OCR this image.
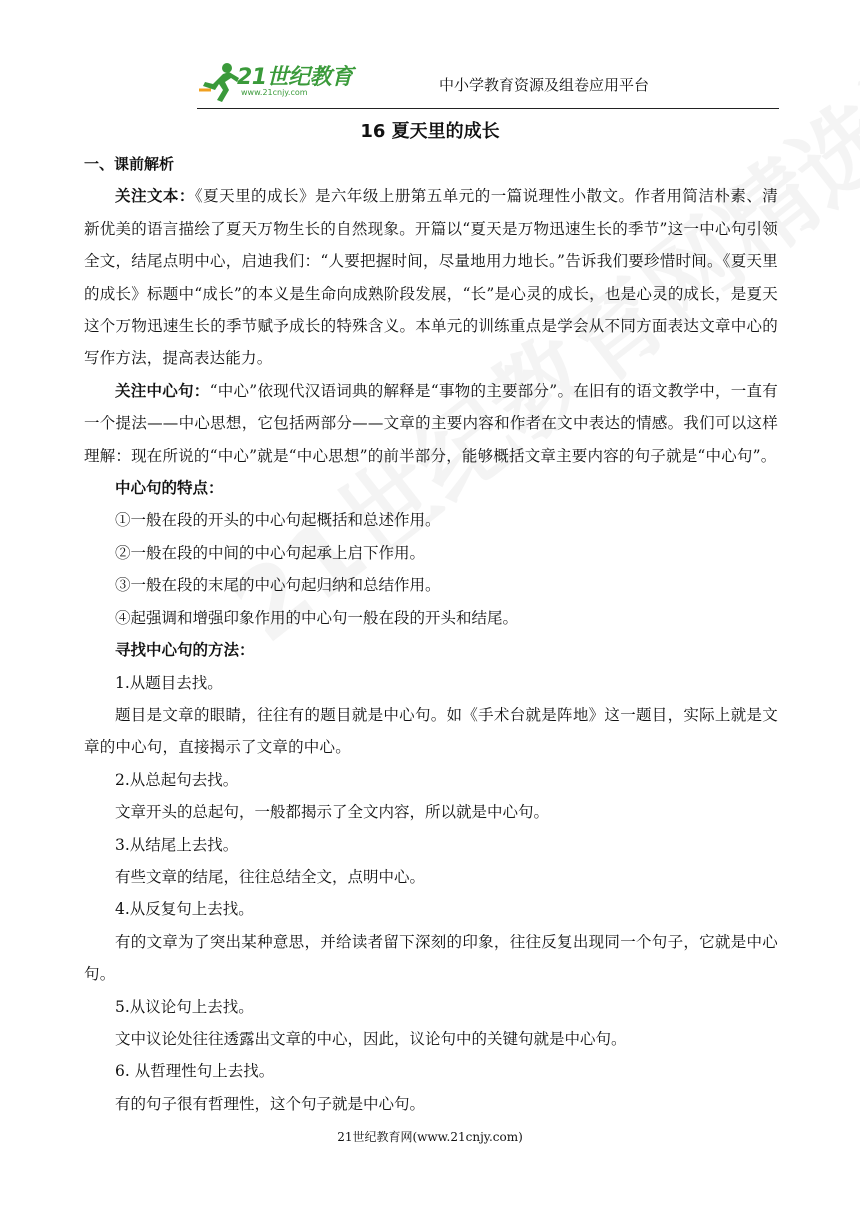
21世纪教育
www.21cnjy.com	中小学教育资源及组卷应用平台
16 夏天里的成长

一、课前解析

关注文本：《夏天里的成长》是六年级上册第五单元的一篇说理性小散文。作者用简洁朴素、清新优美的语言描绘了夏天万物生长的自然现象。开篇以“夏天是万物迅速生长的季节”这一中心句引领全文，结尾点明中心，启迪我们：“人要把握时间，尽量地用力地长。”告诉我们要珍惜时间。《夏天里的成长》标题中“成长”的本义是生命向成熟阶段发展，“长”是心灵的成长，也是心灵的成长，是夏天这个万物迅速生长的季节赋予成长的特殊含义。本单元的训练重点是学会从不同方面表达文章中心的写作方法，提高表达能力。

关注中心句：“中心”依现代汉语词典的解释是“事物的主要部分”。在旧有的语文教学中，一直有一个提法——中心思想，它包括两部分——文章的主要内容和作者在文中表达的情感。我们可以这样理解：现在所说的“中心”就是“中心思想”的前半部分，能够概括文章主要内容的句子就是“中心句”。

中心句的特点：

①一般在段的开头的中心句起概括和总述作用。

②一般在段的中间的中心句起承上启下作用。

③一般在段的末尾的中心句起归纳和总结作用。

④起强调和增强印象作用的中心句一般在段的开头和结尾。

寻找中心句的方法：

1.从题目去找。

题目是文章的眼睛，往往有的题目就是中心句。如《手术台就是阵地》这一题目，实际上就是文章的中心句，直接揭示了文章的中心。

2.从总起句去找。

文章开头的总起句，一般都揭示了全文内容，所以就是中心句。

3.从结尾上去找。

有些文章的结尾，往往总结全文，点明中心。

4.从反复句上去找。

有的文章为了突出某种意思，并给读者留下深刻的印象，往往反复出现同一个句子，它就是中心句。

5.从议论句上去找。

文中议论处往往透露出文章的中心，因此，议论句中的关键句就是中心句。

6. 从哲理性句上去找。

有的句子很有哲理性，这个句子就是中心句。

21世纪教育网(www.21cnjy.com)
